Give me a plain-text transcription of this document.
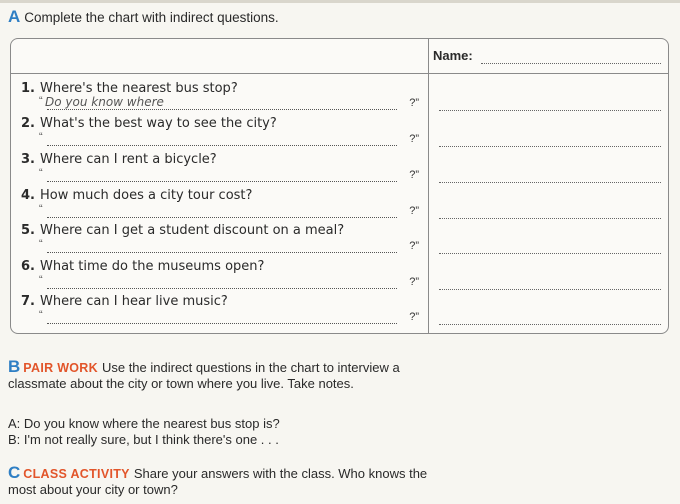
A Complete the chart with indirect questions.
Name:
1. Where's the nearest bus stop?
“ Do you know where	?”
2. What's the best way to see the city?
“	?”
3. Where can I rent a bicycle?
“	?”
4. How much does a city tour cost?
“	?”
5. Where can I get a student discount on a meal?
“	?”
6. What time do the museums open?
“	?”
7. Where can I hear live music?
“	?”
B PAIR WORK Use the indirect questions in the chart to interview a
classmate about the city or town where you live. Take notes.
A: Do you know where the nearest bus stop is?
B: I'm not really sure, but I think there's one . . .
C CLASS ACTIVITY Share your answers with the class. Who knows the
most about your city or town?
